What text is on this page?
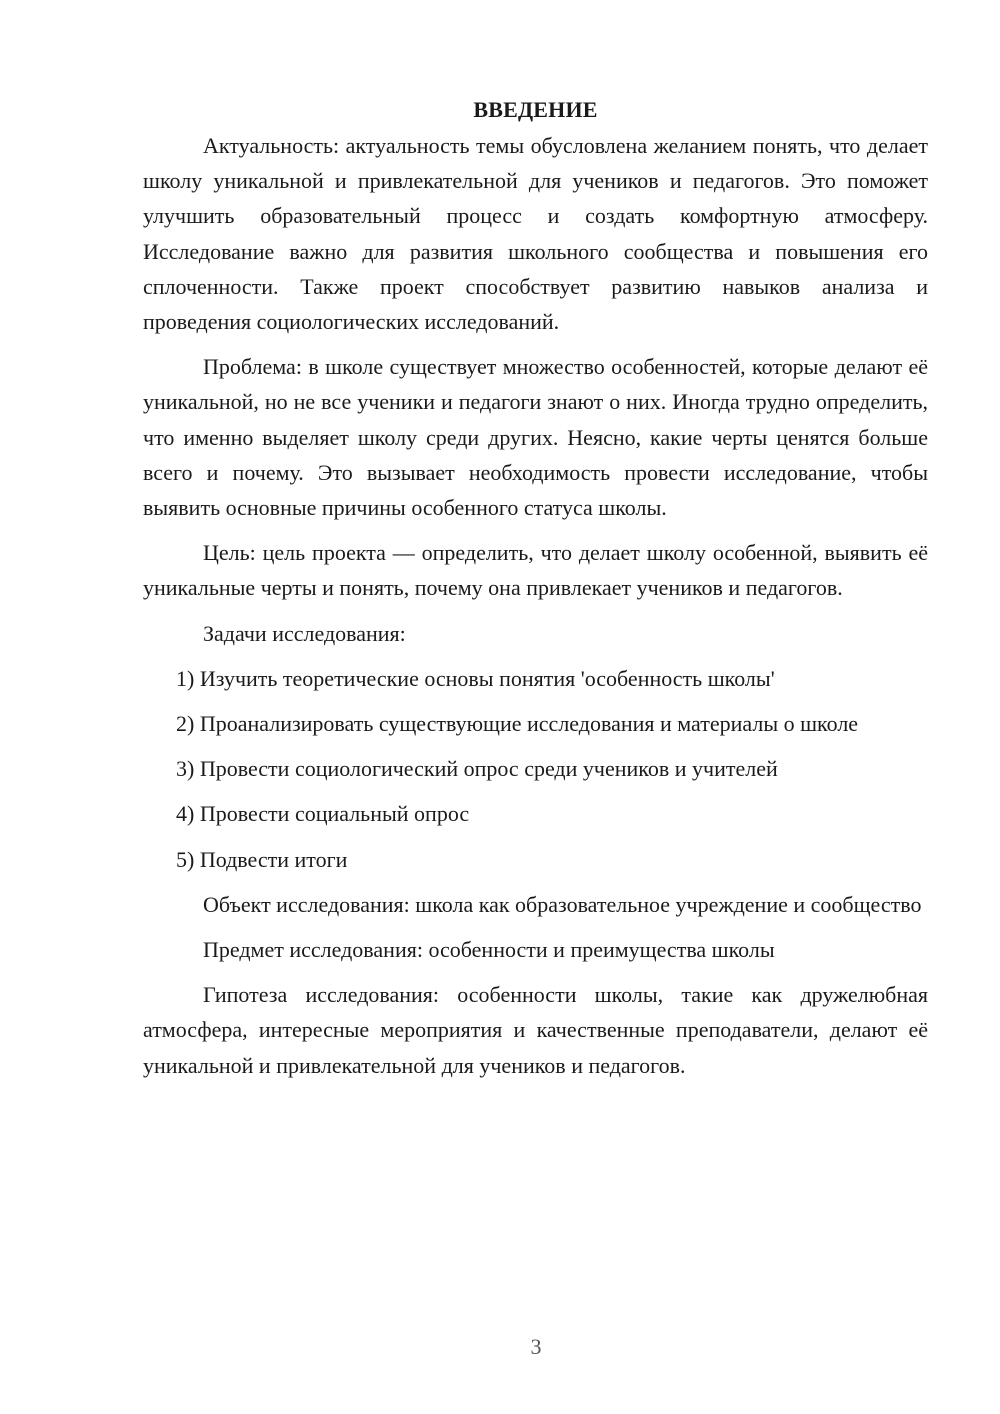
ВВЕДЕНИЕ

Актуальность: актуальность темы обусловлена желанием понять, что делает школу уникальной и привлекательной для учеников и педагогов. Это поможет улучшить образовательный процесс и создать комфортную атмосферу. Исследование важно для развития школьного сообщества и повышения его сплоченности. Также проект способствует развитию навыков анализа и проведения социологических исследований.

Проблема: в школе существует множество особенностей, которые делают её уникальной, но не все ученики и педагоги знают о них. Иногда трудно определить, что именно выделяет школу среди других. Неясно, какие черты ценятся больше всего и почему. Это вызывает необходимость провести исследование, чтобы выявить основные причины особенного статуса школы.

Цель: цель проекта — определить, что делает школу особенной, выявить её уникальные черты и понять, почему она привлекает учеников и педагогов.

Задачи исследования:

1) Изучить теоретические основы понятия 'особенность школы'

2) Проанализировать существующие исследования и материалы о школе

3) Провести социологический опрос среди учеников и учителей

4) Провести социальный опрос

5) Подвести итоги

Объект исследования: школа как образовательное учреждение и сообщество

Предмет исследования: особенности и преимущества школы

Гипотеза исследования: особенности школы, такие как дружелюбная атмосфера, интересные мероприятия и качественные преподаватели, делают её уникальной и привлекательной для учеников и педагогов.

3
